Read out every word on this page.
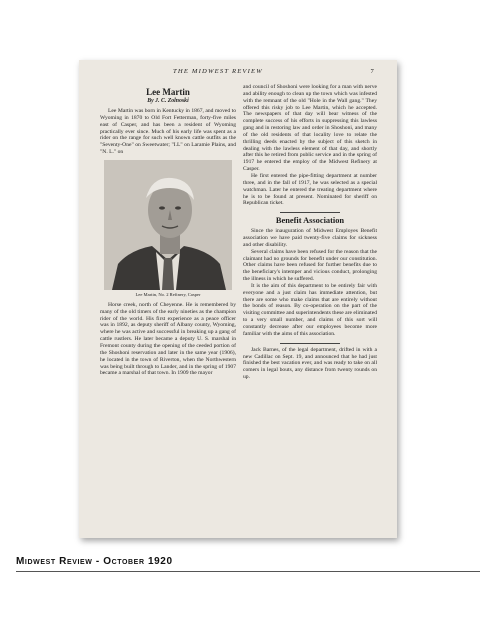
THE MIDWEST REVIEW	7
Lee Martin
By J. C. Zolnoski

Lee Martin was born in Kentucky in 1867, and moved to Wyoming in 1870 to Old Fort Fetterman, forty-five miles east of Casper, and has been a resident of Wyoming practically ever since. Much of his early life was spent as a rider on the range for such well known cattle outfits as the "Seventy-One" on Sweetwater; "I.L" on Laramie Plains, and "N. L." on

Lee Martin, No. 2 Refinery, Casper

Horse creek, north of Cheyenne. He is remembered by many of the old timers of the early nineties as the champion rider of the world. His first experience as a peace officer was in 1892, as deputy sheriff of Albany county, Wyoming, where he was active and successful in breaking up a gang of cattle rustlers. He later became a deputy U. S. marshal in Fremont county during the opening of the ceeded portion of the Shoshoni reservation and later in the same year (1906), he located in the town of Riverton, when the Northwestern was being built through to Lander, and in the spring of 1907 became a marshal of that town. In 1909 the mayor

and council of Shoshoni were looking for a man with nerve and ability enough to clean up the town which was infested with the remnant of the old "Hole in the Wall gang." They offered this risky job to Lee Martin, which he accepted. The newspapers of that day will bear witness of the complete success of his efforts in suppressing this lawless gang and in restoring law and order in Shoshoni, and many of the old residents of that locality love to relate the thrilling deeds enacted by the subject of this sketch in dealing with the lawless element of that day, and shortly after this he retired from public service and in the spring of 1917 he entered the employ of the Midwest Refinery at Casper.

He first entered the pipe-fitting department at number three, and in the fall of 1917, he was selected as a special watchman. Later he entered the treating department where he is to be found at present. Nominated for sheriff on Republican ticket.

Benefit Association

Since the inauguration of Midwest Employes Benefit association we have paid twenty-five claims for sickness and other disability.

Several claims have been refused for the reason that the claimant had no grounds for benefit under our constitution. Other claims have been refused for further benefits due to the beneficiary's intemper and vicious conduct, prolonging the illness in which he suffered.

It is the aim of this department to be entirely fair with everyone and a just claim has immediate attention, but there are some who make claims that are entirely without the bonds of reason. By co-operation on the part of the visiting committee and superintendents these are eliminated to a very small number, and claims of this sort will constantly decrease after our employees become more familiar with the aims of this association.

Jack Barnes, of the legal department, drifted in with a new Cadillac on Sept. 19, and announced that he had just finished the best vacation ever, and was ready to take on all comers in legal bouts, any distance from twenty rounds on up.

Midwest Review - October 1920
